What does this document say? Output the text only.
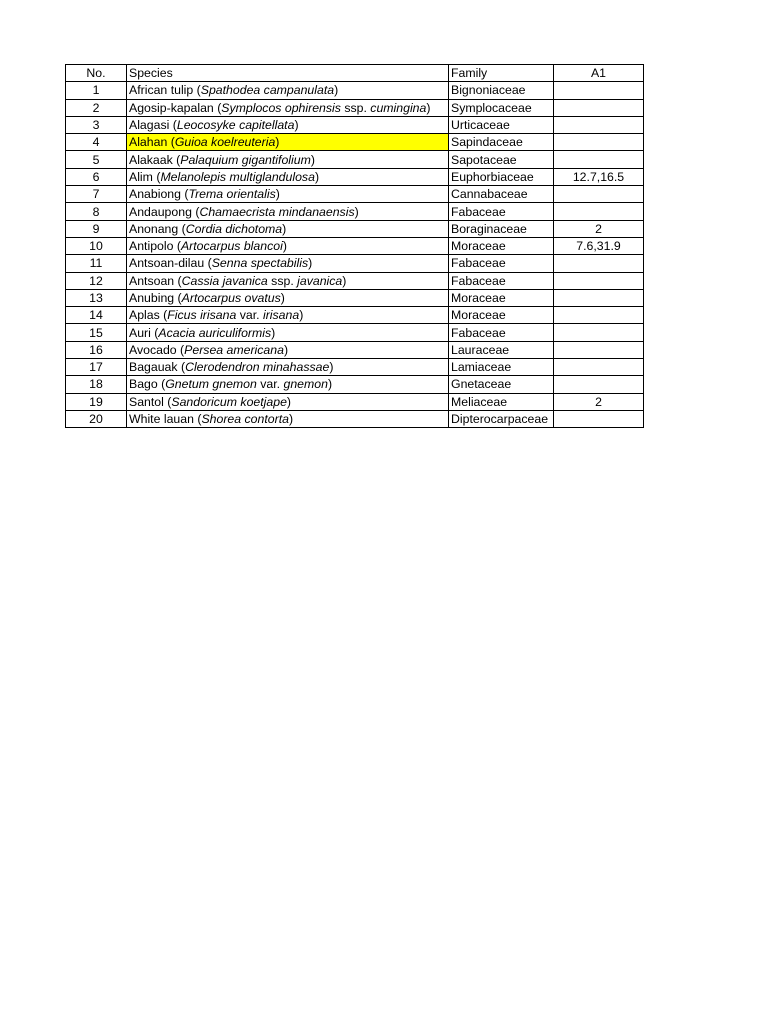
No.	Species	Family	A1
1	African tulip (Spathodea campanulata)	Bignoniaceae	
2	Agosip-kapalan (Symplocos ophirensis ssp. cumingina)	Symplocaceae	
3	Alagasi (Leocosyke capitellata)	Urticaceae	
4	Alahan (Guioa koelreuteria)	Sapindaceae	
5	Alakaak (Palaquium gigantifolium)	Sapotaceae	
6	Alim (Melanolepis multiglandulosa)	Euphorbiaceae	12.7,16.5
7	Anabiong (Trema orientalis)	Cannabaceae	
8	Andaupong (Chamaecrista mindanaensis)	Fabaceae	
9	Anonang (Cordia dichotoma)	Boraginaceae	2
10	Antipolo (Artocarpus blancoi)	Moraceae	7.6,31.9
11	Antsoan-dilau (Senna spectabilis)	Fabaceae	
12	Antsoan (Cassia javanica ssp. javanica)	Fabaceae	
13	Anubing (Artocarpus ovatus)	Moraceae	
14	Aplas (Ficus irisana var. irisana)	Moraceae	
15	Auri (Acacia auriculiformis)	Fabaceae	
16	Avocado (Persea americana)	Lauraceae	
17	Bagauak (Clerodendron minahassae)	Lamiaceae	
18	Bago (Gnetum gnemon var. gnemon)	Gnetaceae	
19	Santol (Sandoricum koetjape)	Meliaceae	2
20	White lauan (Shorea contorta)	Dipterocarpaceae	
